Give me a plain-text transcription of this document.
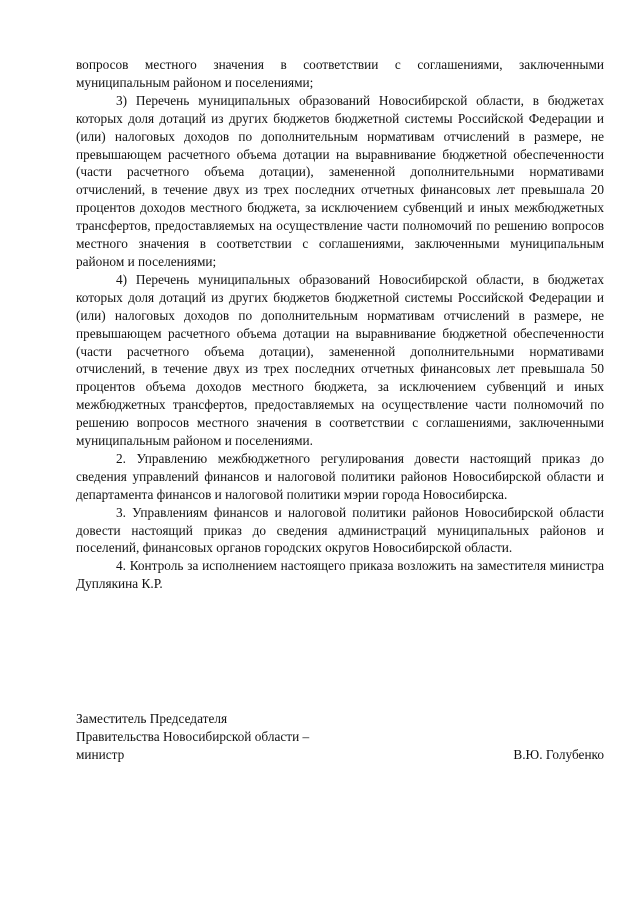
вопросов местного значения в соответствии с соглашениями, заключенными муниципальным районом и поселениями;

3) Перечень муниципальных образований Новосибирской области, в бюджетах которых доля дотаций из других бюджетов бюджетной системы Российской Федерации и (или) налоговых доходов по дополнительным нормативам отчислений в размере, не превышающем расчетного объема дотации на выравнивание бюджетной обеспеченности (части расчетного объема дотации), замененной дополнительными нормативами отчислений, в течение двух из трех последних отчетных финансовых лет превышала 20 процентов доходов местного бюджета, за исключением субвенций и иных межбюджетных трансфертов, предоставляемых на осуществление части полномочий по решению вопросов местного значения в соответствии с соглашениями, заключенными муниципальным районом и поселениями;

4) Перечень муниципальных образований Новосибирской области, в бюджетах которых доля дотаций из других бюджетов бюджетной системы Российской Федерации и (или) налоговых доходов по дополнительным нормативам отчислений в размере, не превышающем расчетного объема дотации на выравнивание бюджетной обеспеченности (части расчетного объема дотации), замененной дополнительными нормативами отчислений, в течение двух из трех последних отчетных финансовых лет превышала 50 процентов объема доходов местного бюджета, за исключением субвенций и иных межбюджетных трансфертов, предоставляемых на осуществление части полномочий по решению вопросов местного значения в соответствии с соглашениями, заключенными муниципальным районом и поселениями.

2. Управлению межбюджетного регулирования довести настоящий приказ до сведения управлений финансов и налоговой политики районов Новосибирской области и департамента финансов и налоговой политики мэрии города Новосибирска.

3. Управлениям финансов и налоговой политики районов Новосибирской области довести настоящий приказ до сведения администраций муниципальных районов и поселений, финансовых органов городских округов Новосибирской области.

4. Контроль за исполнением настоящего приказа возложить на заместителя министра Дуплякина К.Р.

Заместитель Председателя

Правительства Новосибирской области –

министр	В.Ю. Голубенко
